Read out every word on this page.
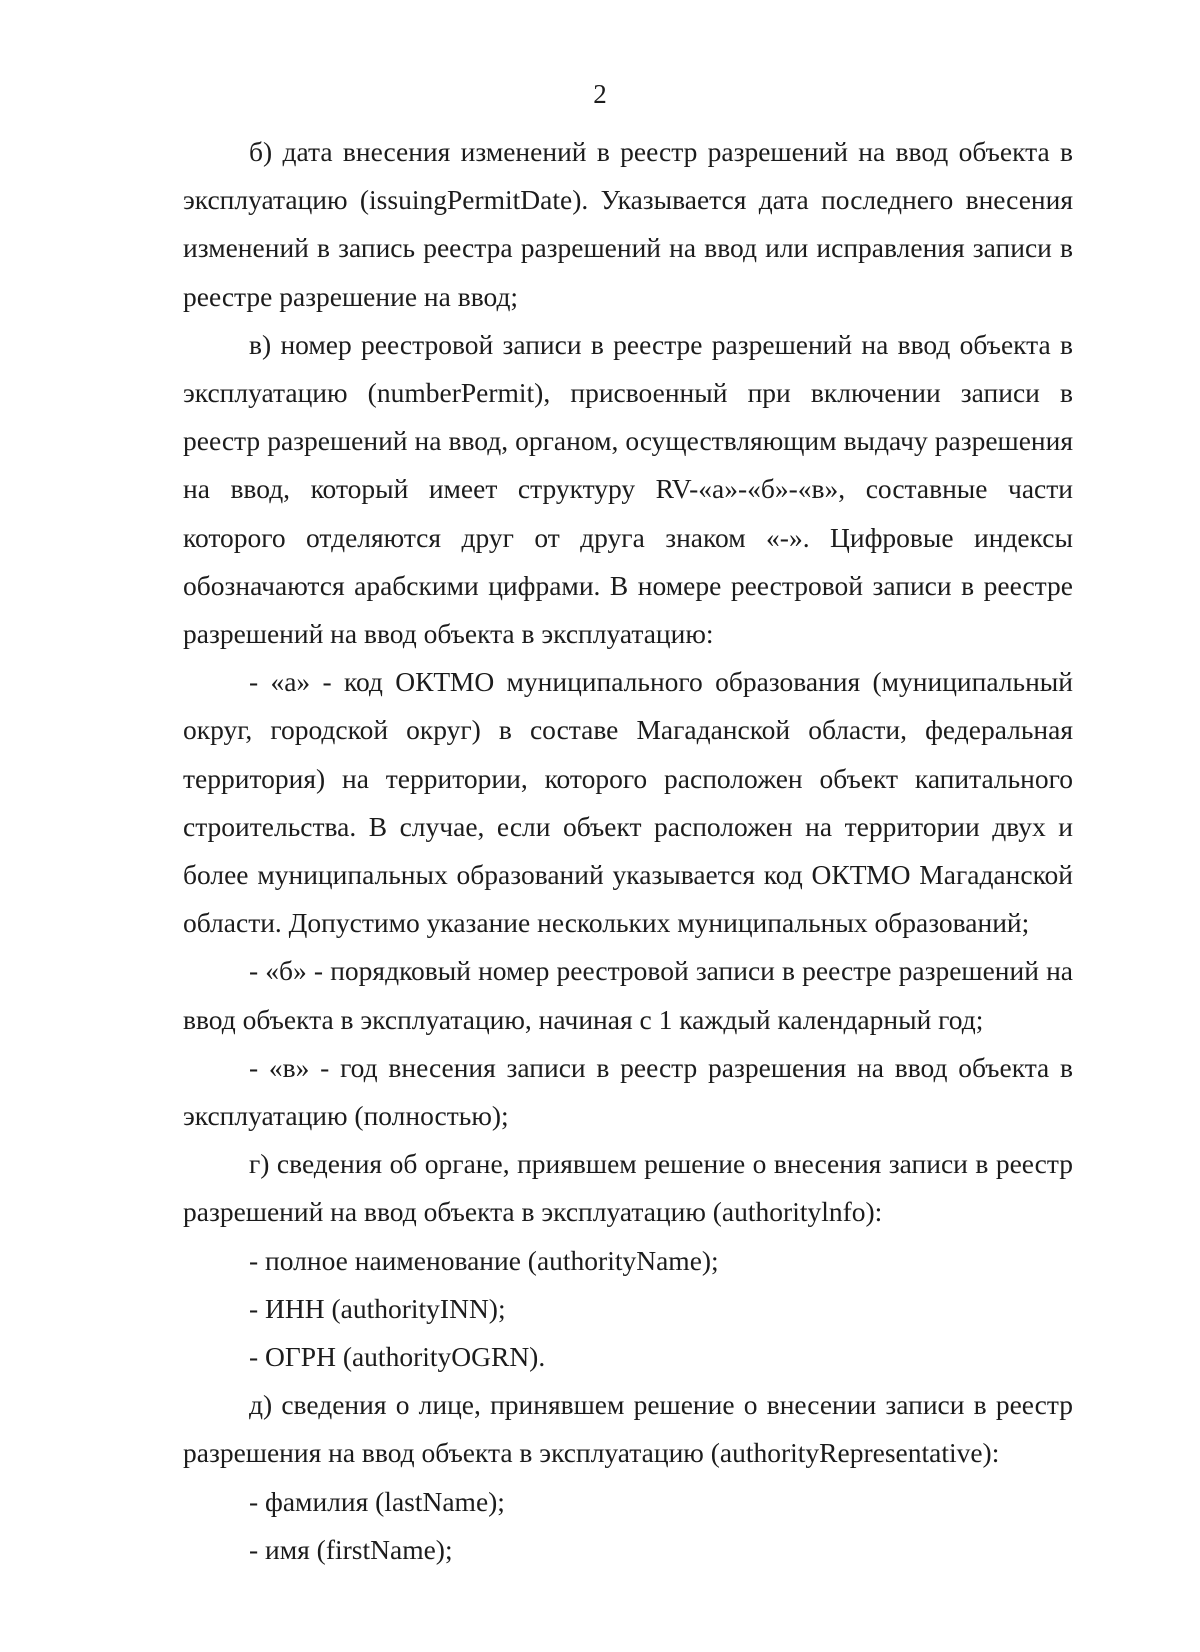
2

б) дата внесения изменений в реестр разрешений на ввод объекта в эксплуатацию (issuingPermitDate). Указывается дата последнего внесения изменений в запись реестра разрешений на ввод или исправления записи в реестре разрешение на ввод;

в) номер реестровой записи в реестре разрешений на ввод объекта в эксплуатацию (numberPermit), присвоенный при включении записи в реестр разрешений на ввод, органом, осуществляющим выдачу разрешения на ввод, который имеет структуру RV-«а»-«б»-«в», составные части которого отделяются друг от друга знаком «-». Цифровые индексы обозначаются арабскими цифрами. В номере реестровой записи в реестре разрешений на ввод объекта в эксплуатацию:

- «а» - код ОКТМО муниципального образования (муниципальный округ, городской округ) в составе Магаданской области, федеральная территория) на территории, которого расположен объект капитального строительства. В случае, если объект расположен на территории двух и более муниципальных образований указывается код ОКТМО Магаданской области. Допустимо указание нескольких муниципальных образований;

- «б» - порядковый номер реестровой записи в реестре разрешений на ввод объекта в эксплуатацию, начиная с 1 каждый календарный год;

- «в» - год внесения записи в реестр разрешения на ввод объекта в эксплуатацию (полностью);

г) сведения об органе, приявшем решение о внесения записи в реестр разрешений на ввод объекта в эксплуатацию (authoritylnfo):

- полное наименование (authorityName);

- ИНН (authorityINN);

- ОГРН (authorityOGRN).

д) сведения о лице, принявшем решение о внесении записи в реестр разрешения на ввод объекта в эксплуатацию (authorityRepresentative):

- фамилия (lastName);

- имя (firstName);
